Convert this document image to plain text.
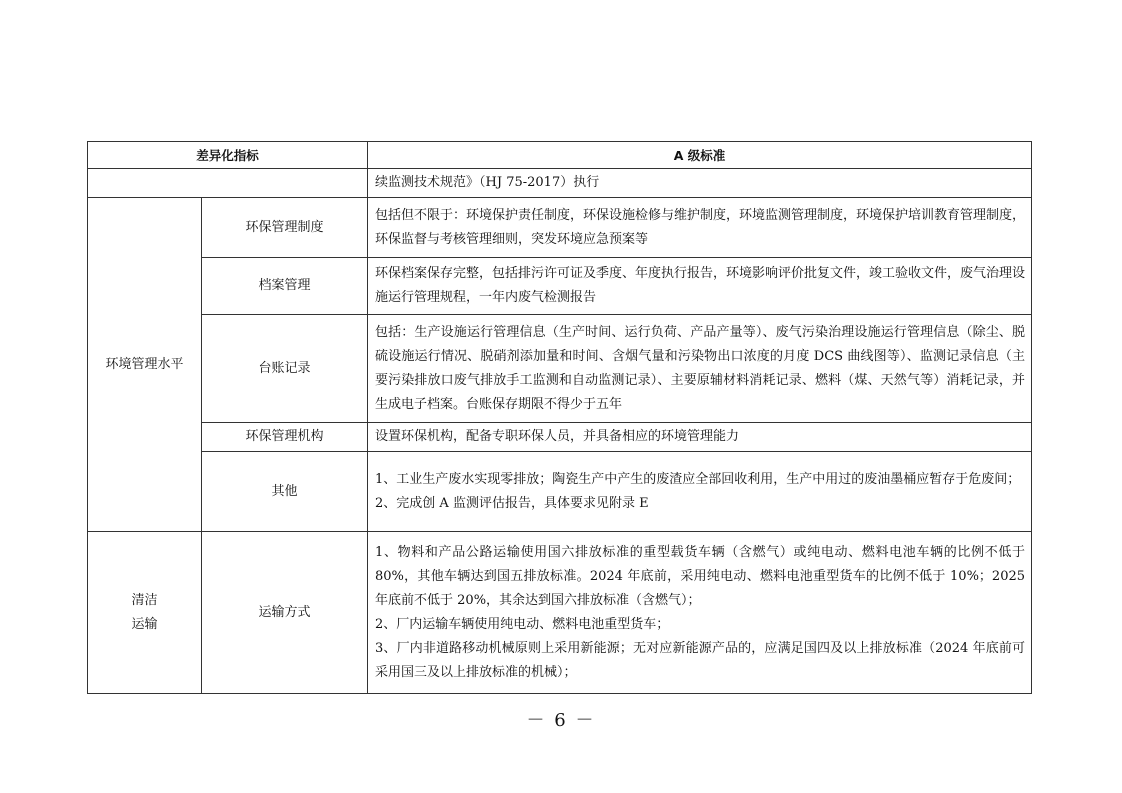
差异化指标		A 级标准
		续监测技术规范》（HJ 75-2017）执行
环境管理水平	环保管理制度	包括但不限于：环境保护责任制度，环保设施检修与维护制度，环境监测管理制度，环境保护培训教育管理制度，环保监督与考核管理细则，突发环境应急预案等
	档案管理	环保档案保存完整，包括排污许可证及季度、年度执行报告，环境影响评价批复文件，竣工验收文件，废气治理设施运行管理规程，一年内废气检测报告
	台账记录	包括：生产设施运行管理信息（生产时间、运行负荷、产品产量等）、废气污染治理设施运行管理信息（除尘、脱硫设施运行情况、脱硝剂添加量和时间、含烟气量和污染物出口浓度的月度 DCS 曲线图等）、监测记录信息（主要污染排放口废气排放手工监测和自动监测记录）、主要原辅材料消耗记录、燃料（煤、天然气等）消耗记录，并生成电子档案。台账保存期限不得少于五年
	环保管理机构	设置环保机构，配备专职环保人员，并具备相应的环境管理能力
	其他	1、工业生产废水实现零排放；陶瓷生产中产生的废渣应全部回收利用，生产中用过的废油墨桶应暂存于危废间；
2、完成创 A 监测评估报告，具体要求见附录 E

清洁
运输	运输方式	1、物料和产品公路运输使用国六排放标准的重型载货车辆（含燃气）或纯电动、燃料电池车辆的比例不低于 80%，其他车辆达到国五排放标准。2024 年底前，采用纯电动、燃料电池重型货车的比例不低于 10%；2025 年底前不低于 20%，其余达到国六排放标准（含燃气）；
2、厂内运输车辆使用纯电动、燃料电池重型货车；
3、厂内非道路移动机械原则上采用新能源；无对应新能源产品的，应满足国四及以上排放标准（2024 年底前可采用国三及以上排放标准的机械）；
－ 6 －
